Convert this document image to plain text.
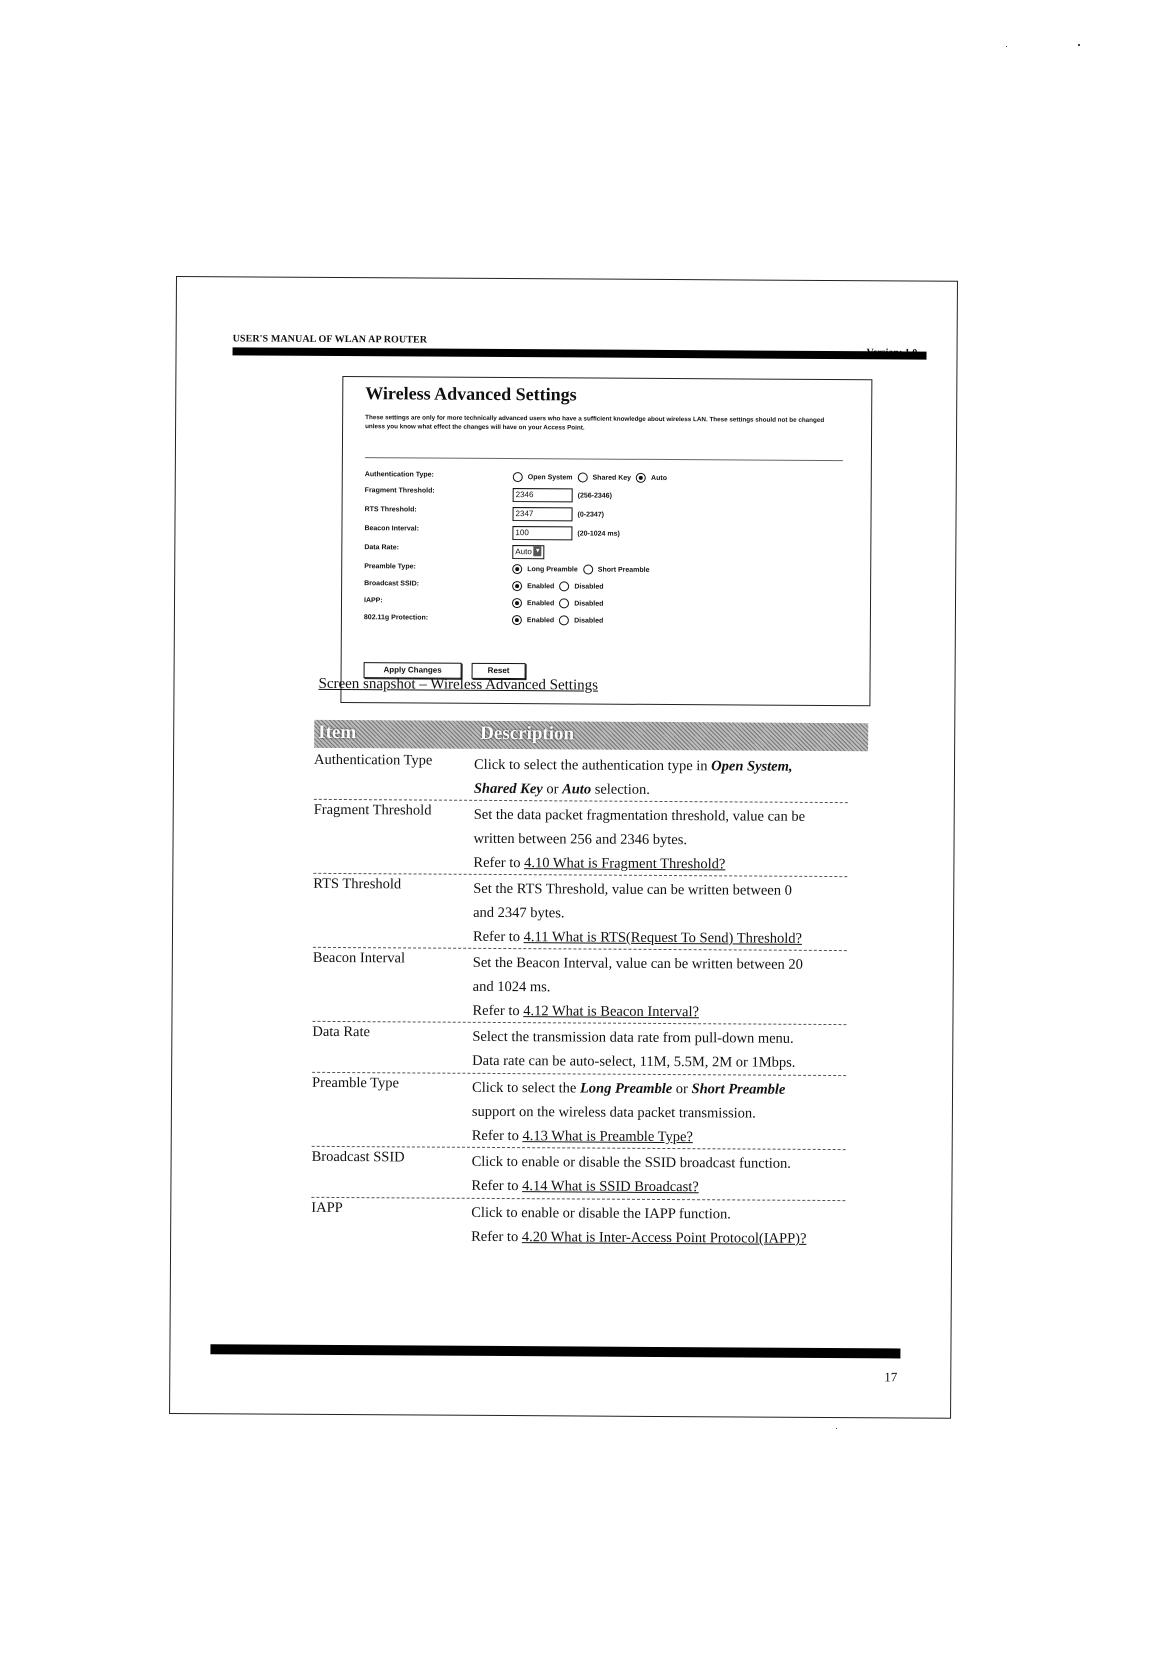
USER'S MANUAL OF WLAN AP ROUTER
Wireless Advanced Settings
These settings are only for more technically advanced users who have a sufficient knowledge about wireless LAN. These settings should not be changed unless you know what effect the changes will have on your Access Point.
Authentication Type:	Open System	Shared Key	Auto
Fragment Threshold:	2346	(256-2346)
RTS Threshold:	2347	(0-2347)
Beacon Interval:	100	(20-1024 ms)
Data Rate:	Auto ▼
Preamble Type:	Long Preamble	Short Preamble
Broadcast SSID:	Enabled	Disabled
IAPP:	Enabled	Disabled
802.11g Protection:	Enabled	Disabled
Apply Changes	Reset
Screen snapshot – Wireless Advanced Settings
Item	Description
Authentication Type	Click to select the authentication type in Open System,
Shared Key or Auto selection.
Fragment Threshold	Set the data packet fragmentation threshold, value can be
written between 256 and 2346 bytes.
Refer to 4.10 What is Fragment Threshold?
RTS Threshold	Set the RTS Threshold, value can be written between 0
and 2347 bytes.
Refer to 4.11 What is RTS(Request To Send) Threshold?
Beacon Interval	Set the Beacon Interval, value can be written between 20
and 1024 ms.
Refer to 4.12 What is Beacon Interval?
Data Rate	Select the transmission data rate from pull-down menu.
Data rate can be auto-select, 11M, 5.5M, 2M or 1Mbps.
Preamble Type	Click to select the Long Preamble or Short Preamble
support on the wireless data packet transmission.
Refer to 4.13 What is Preamble Type?
Broadcast SSID	Click to enable or disable the SSID broadcast function.
Refer to 4.14 What is SSID Broadcast?
IAPP	Click to enable or disable the IAPP function.
Refer to 4.20 What is Inter-Access Point Protocol(IAPP)?
17
